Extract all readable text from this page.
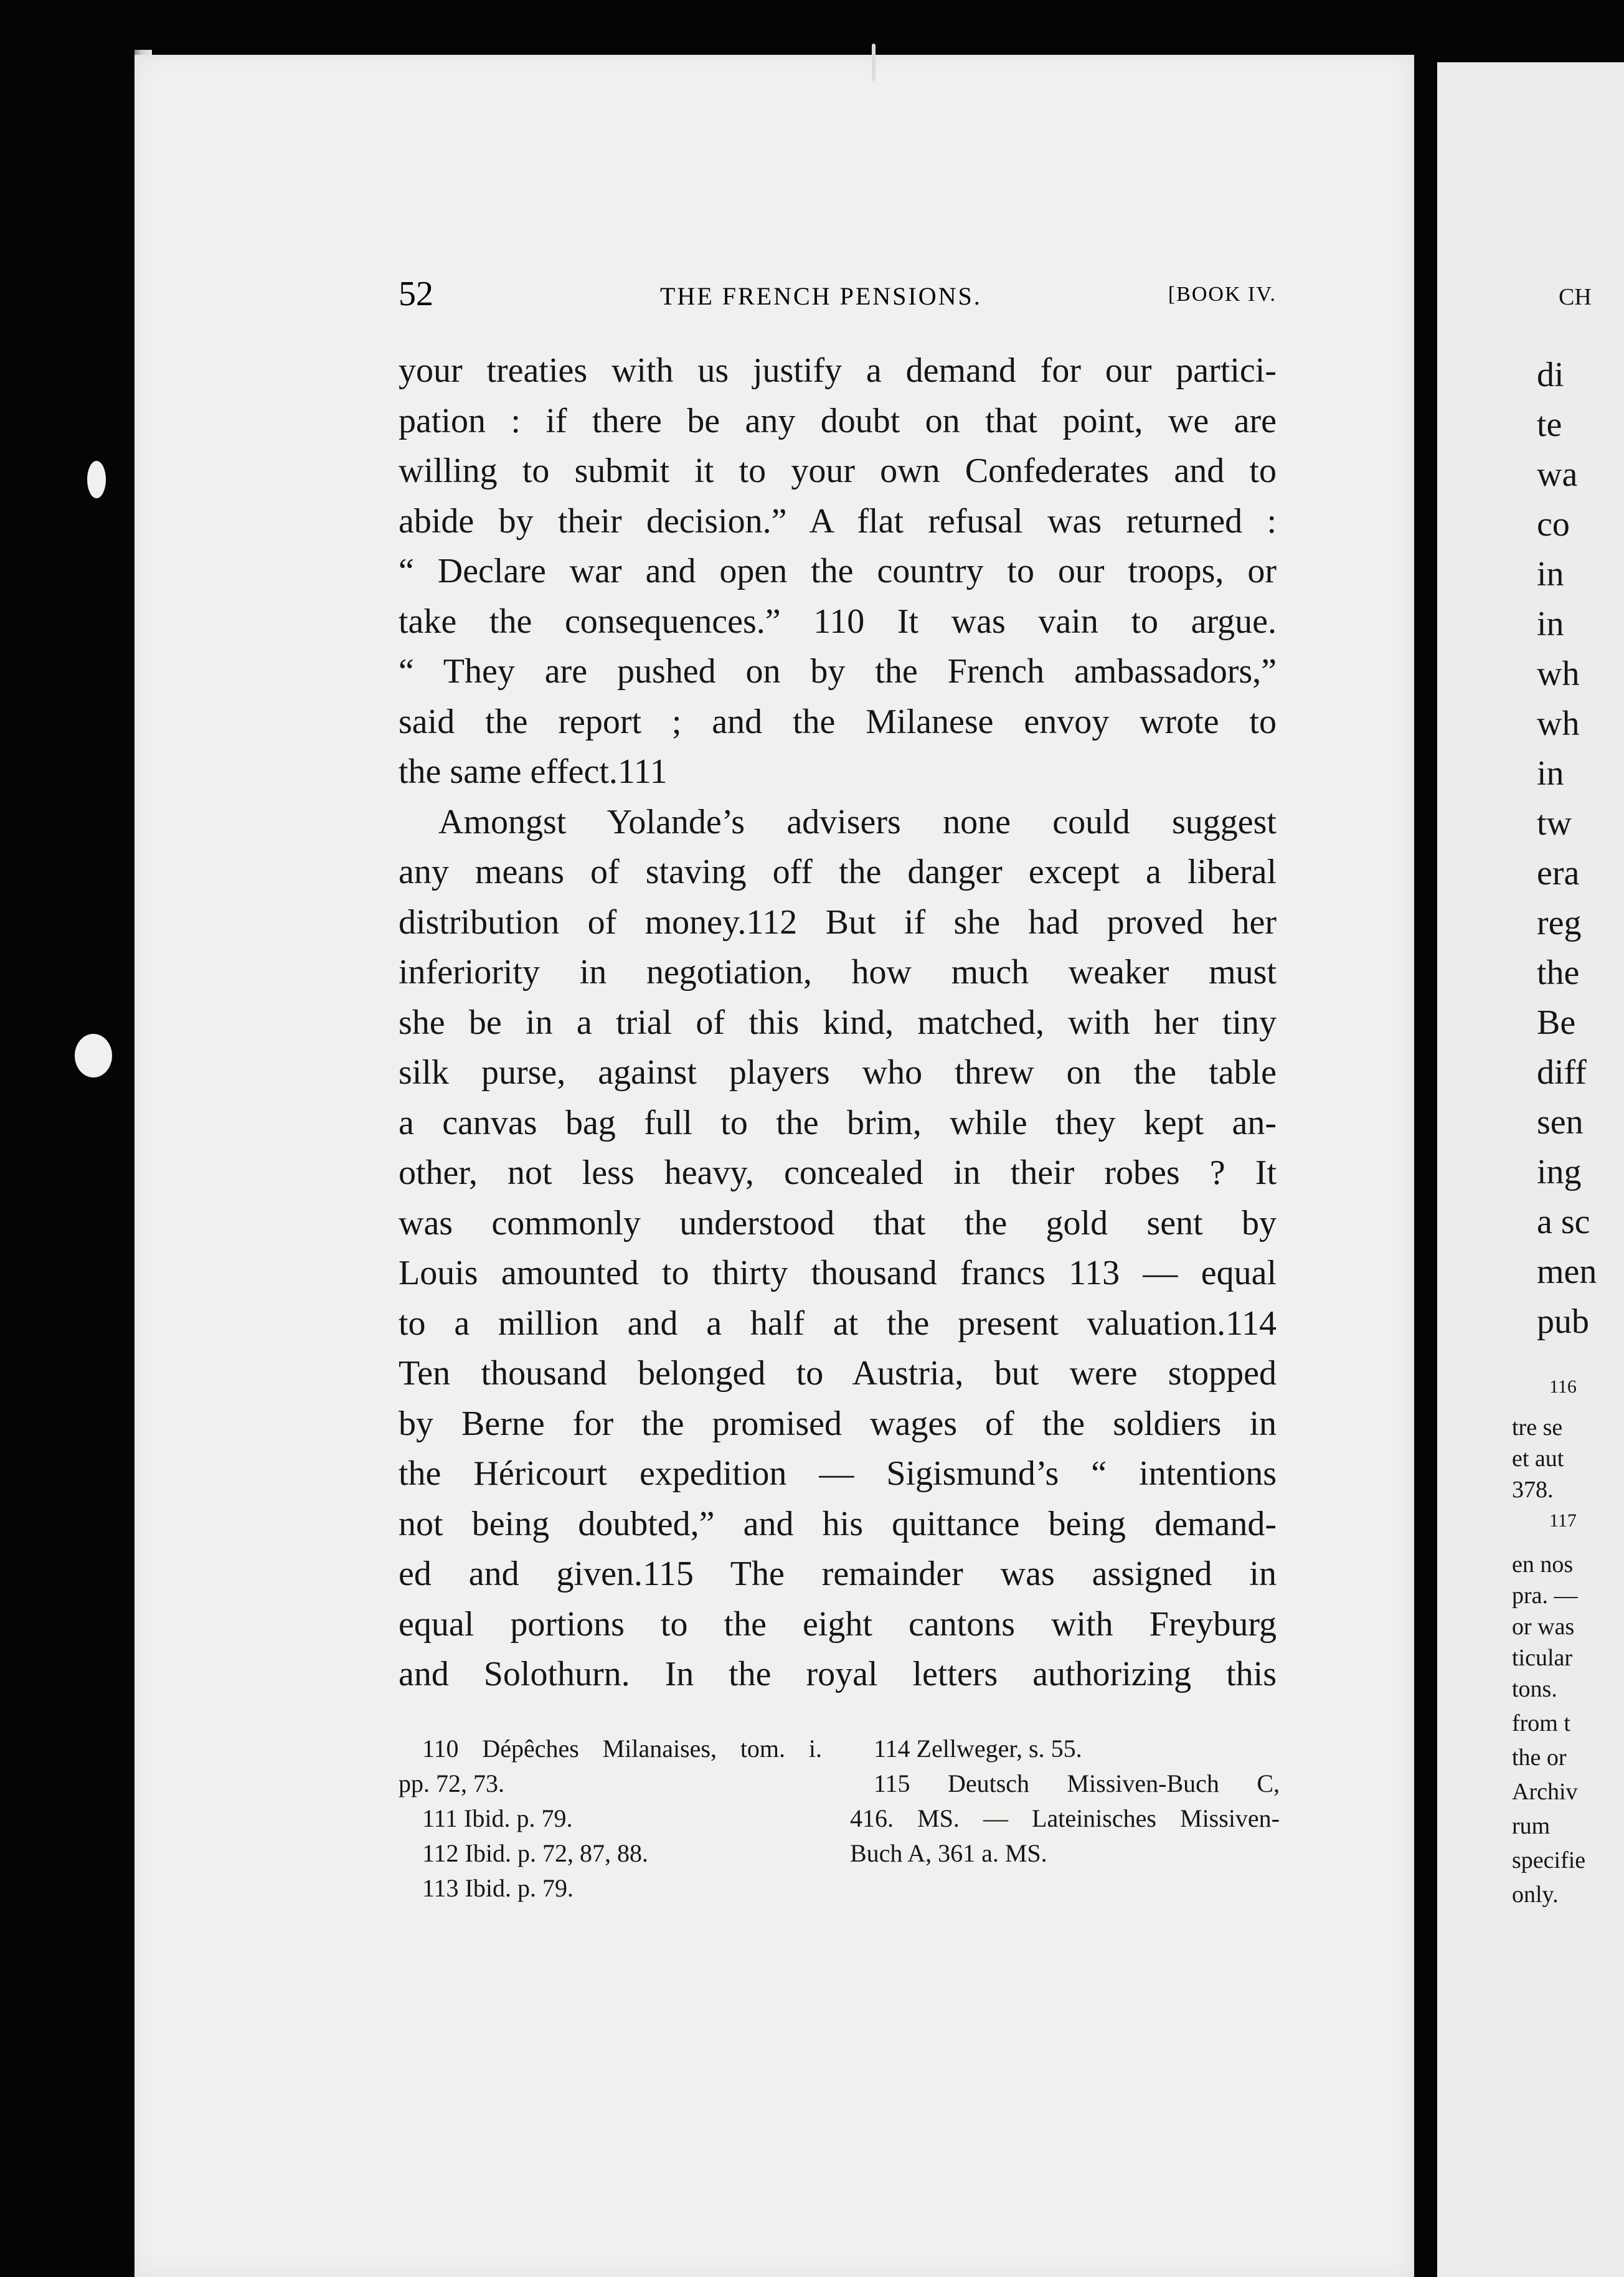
52	THE FRENCH PENSIONS.	[BOOK IV.
your treaties with us justify a demand for our partici-
pation : if there be any doubt on that point, we are
willing to submit it to your own Confederates and to
abide by their decision.” A flat refusal was returned :
“ Declare war and open the country to our troops, or
take the consequences.” 110 It was vain to argue.
“ They are pushed on by the French ambassadors,”
said the report ; and the Milanese envoy wrote to
the same effect.111
Amongst Yolande’s advisers none could suggest
any means of staving off the danger except a liberal
distribution of money.112 But if she had proved her
inferiority in negotiation, how much weaker must
she be in a trial of this kind, matched, with her tiny
silk purse, against players who threw on the table
a canvas bag full to the brim, while they kept an-
other, not less heavy, concealed in their robes ? It
was commonly understood that the gold sent by
Louis amounted to thirty thousand francs 113 — equal
to a million and a half at the present valuation.114
Ten thousand belonged to Austria, but were stopped
by Berne for the promised wages of the soldiers in
the Héricourt expedition — Sigismund’s “ intentions
not being doubted,” and his quittance being demand-
ed and given.115 The remainder was assigned in
equal portions to the eight cantons with Freyburg
and Solothurn. In the royal letters authorizing this
110 Dépêches Milanaises, tom. i.
pp. 72, 73.
111 Ibid. p. 79.
112 Ibid. p. 72, 87, 88.
113 Ibid. p. 79.
114 Zellweger, s. 55.
115 Deutsch Missiven-Buch C,
416. MS. — Lateinisches Missiven-
Buch A, 361 a. MS.
CH
di
te
wa
co
in
in
wh
wh
in
tw
era
reg
the
Be
diff
sen
ing
a sc
men
pub
116
tre se
et aut
378.
117
en nos
pra. —
or was
ticular
tons.
from t
the or
Archiv
rum
specifie
only.
